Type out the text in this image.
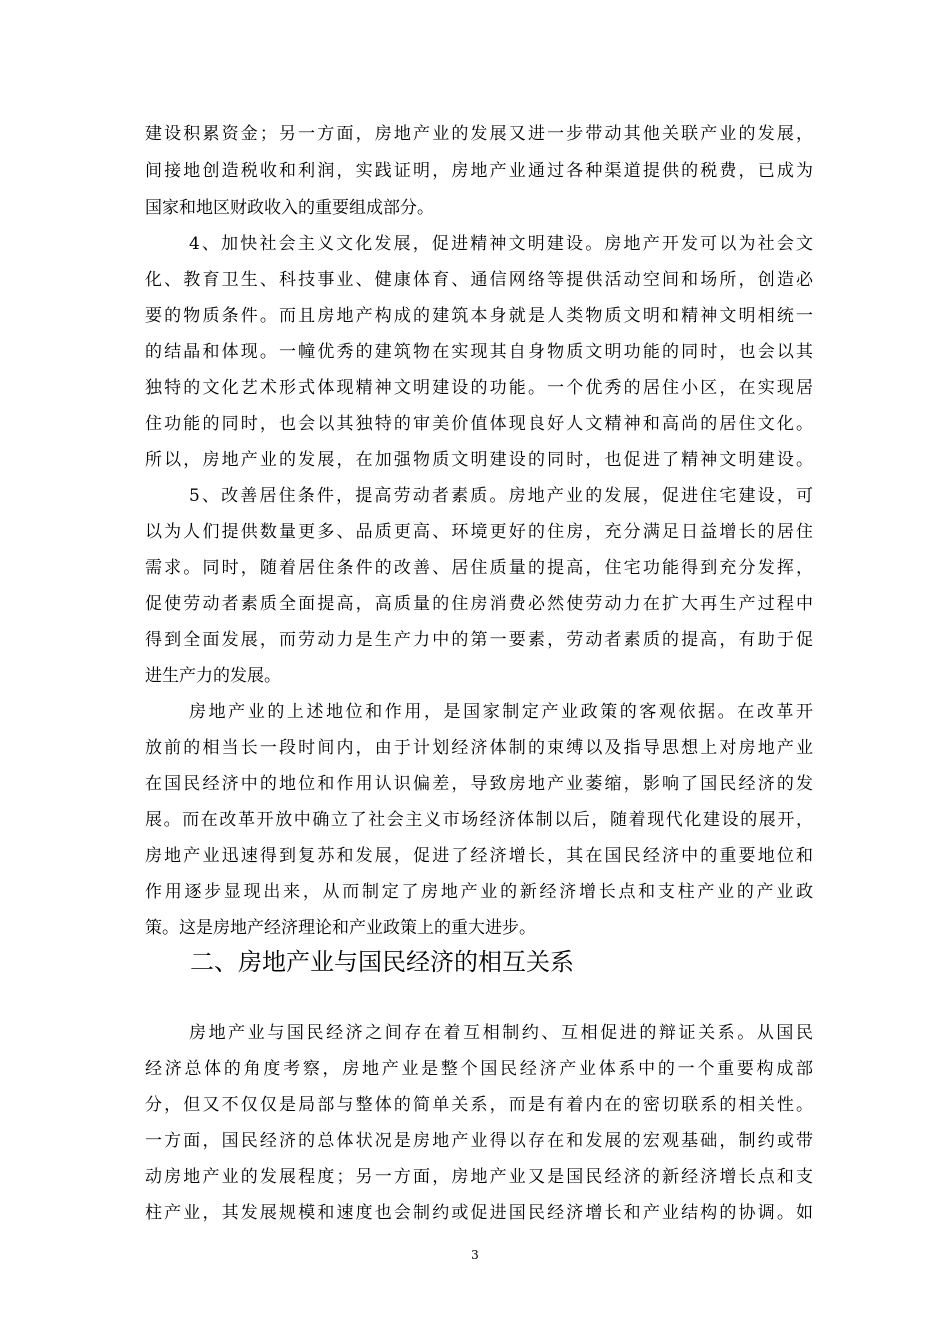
建设积累资金；另一方面，房地产业的发展又进一步带动其他关联产业的发展，
间接地创造税收和利润，实践证明，房地产业通过各种渠道提供的税费，已成为
国家和地区财政收入的重要组成部分。
4、加快社会主义文化发展，促进精神文明建设。房地产开发可以为社会文
化、教育卫生、科技事业、健康体育、通信网络等提供活动空间和场所，创造必
要的物质条件。而且房地产构成的建筑本身就是人类物质文明和精神文明相统一
的结晶和体现。一幢优秀的建筑物在实现其自身物质文明功能的同时，也会以其
独特的文化艺术形式体现精神文明建设的功能。一个优秀的居住小区，在实现居
住功能的同时，也会以其独特的审美价值体现良好人文精神和高尚的居住文化。
所以，房地产业的发展，在加强物质文明建设的同时，也促进了精神文明建设。
5、改善居住条件，提高劳动者素质。房地产业的发展，促进住宅建设，可
以为人们提供数量更多、品质更高、环境更好的住房，充分满足日益增长的居住
需求。同时，随着居住条件的改善、居住质量的提高，住宅功能得到充分发挥，
促使劳动者素质全面提高，高质量的住房消费必然使劳动力在扩大再生产过程中
得到全面发展，而劳动力是生产力中的第一要素，劳动者素质的提高，有助于促
进生产力的发展。
房地产业的上述地位和作用，是国家制定产业政策的客观依据。在改革开
放前的相当长一段时间内，由于计划经济体制的束缚以及指导思想上对房地产业
在国民经济中的地位和作用认识偏差，导致房地产业萎缩，影响了国民经济的发
展。而在改革开放中确立了社会主义市场经济体制以后，随着现代化建设的展开，
房地产业迅速得到复苏和发展，促进了经济增长，其在国民经济中的重要地位和
作用逐步显现出来，从而制定了房地产业的新经济增长点和支柱产业的产业政
策。这是房地产经济理论和产业政策上的重大进步。
二、房地产业与国民经济的相互关系
房地产业与国民经济之间存在着互相制约、互相促进的辩证关系。从国民
经济总体的角度考察，房地产业是整个国民经济产业体系中的一个重要构成部
分，但又不仅仅是局部与整体的简单关系，而是有着内在的密切联系的相关性。
一方面，国民经济的总体状况是房地产业得以存在和发展的宏观基础，制约或带
动房地产业的发展程度；另一方面，房地产业又是国民经济的新经济增长点和支
柱产业，其发展规模和速度也会制约或促进国民经济增长和产业结构的协调。如
3
